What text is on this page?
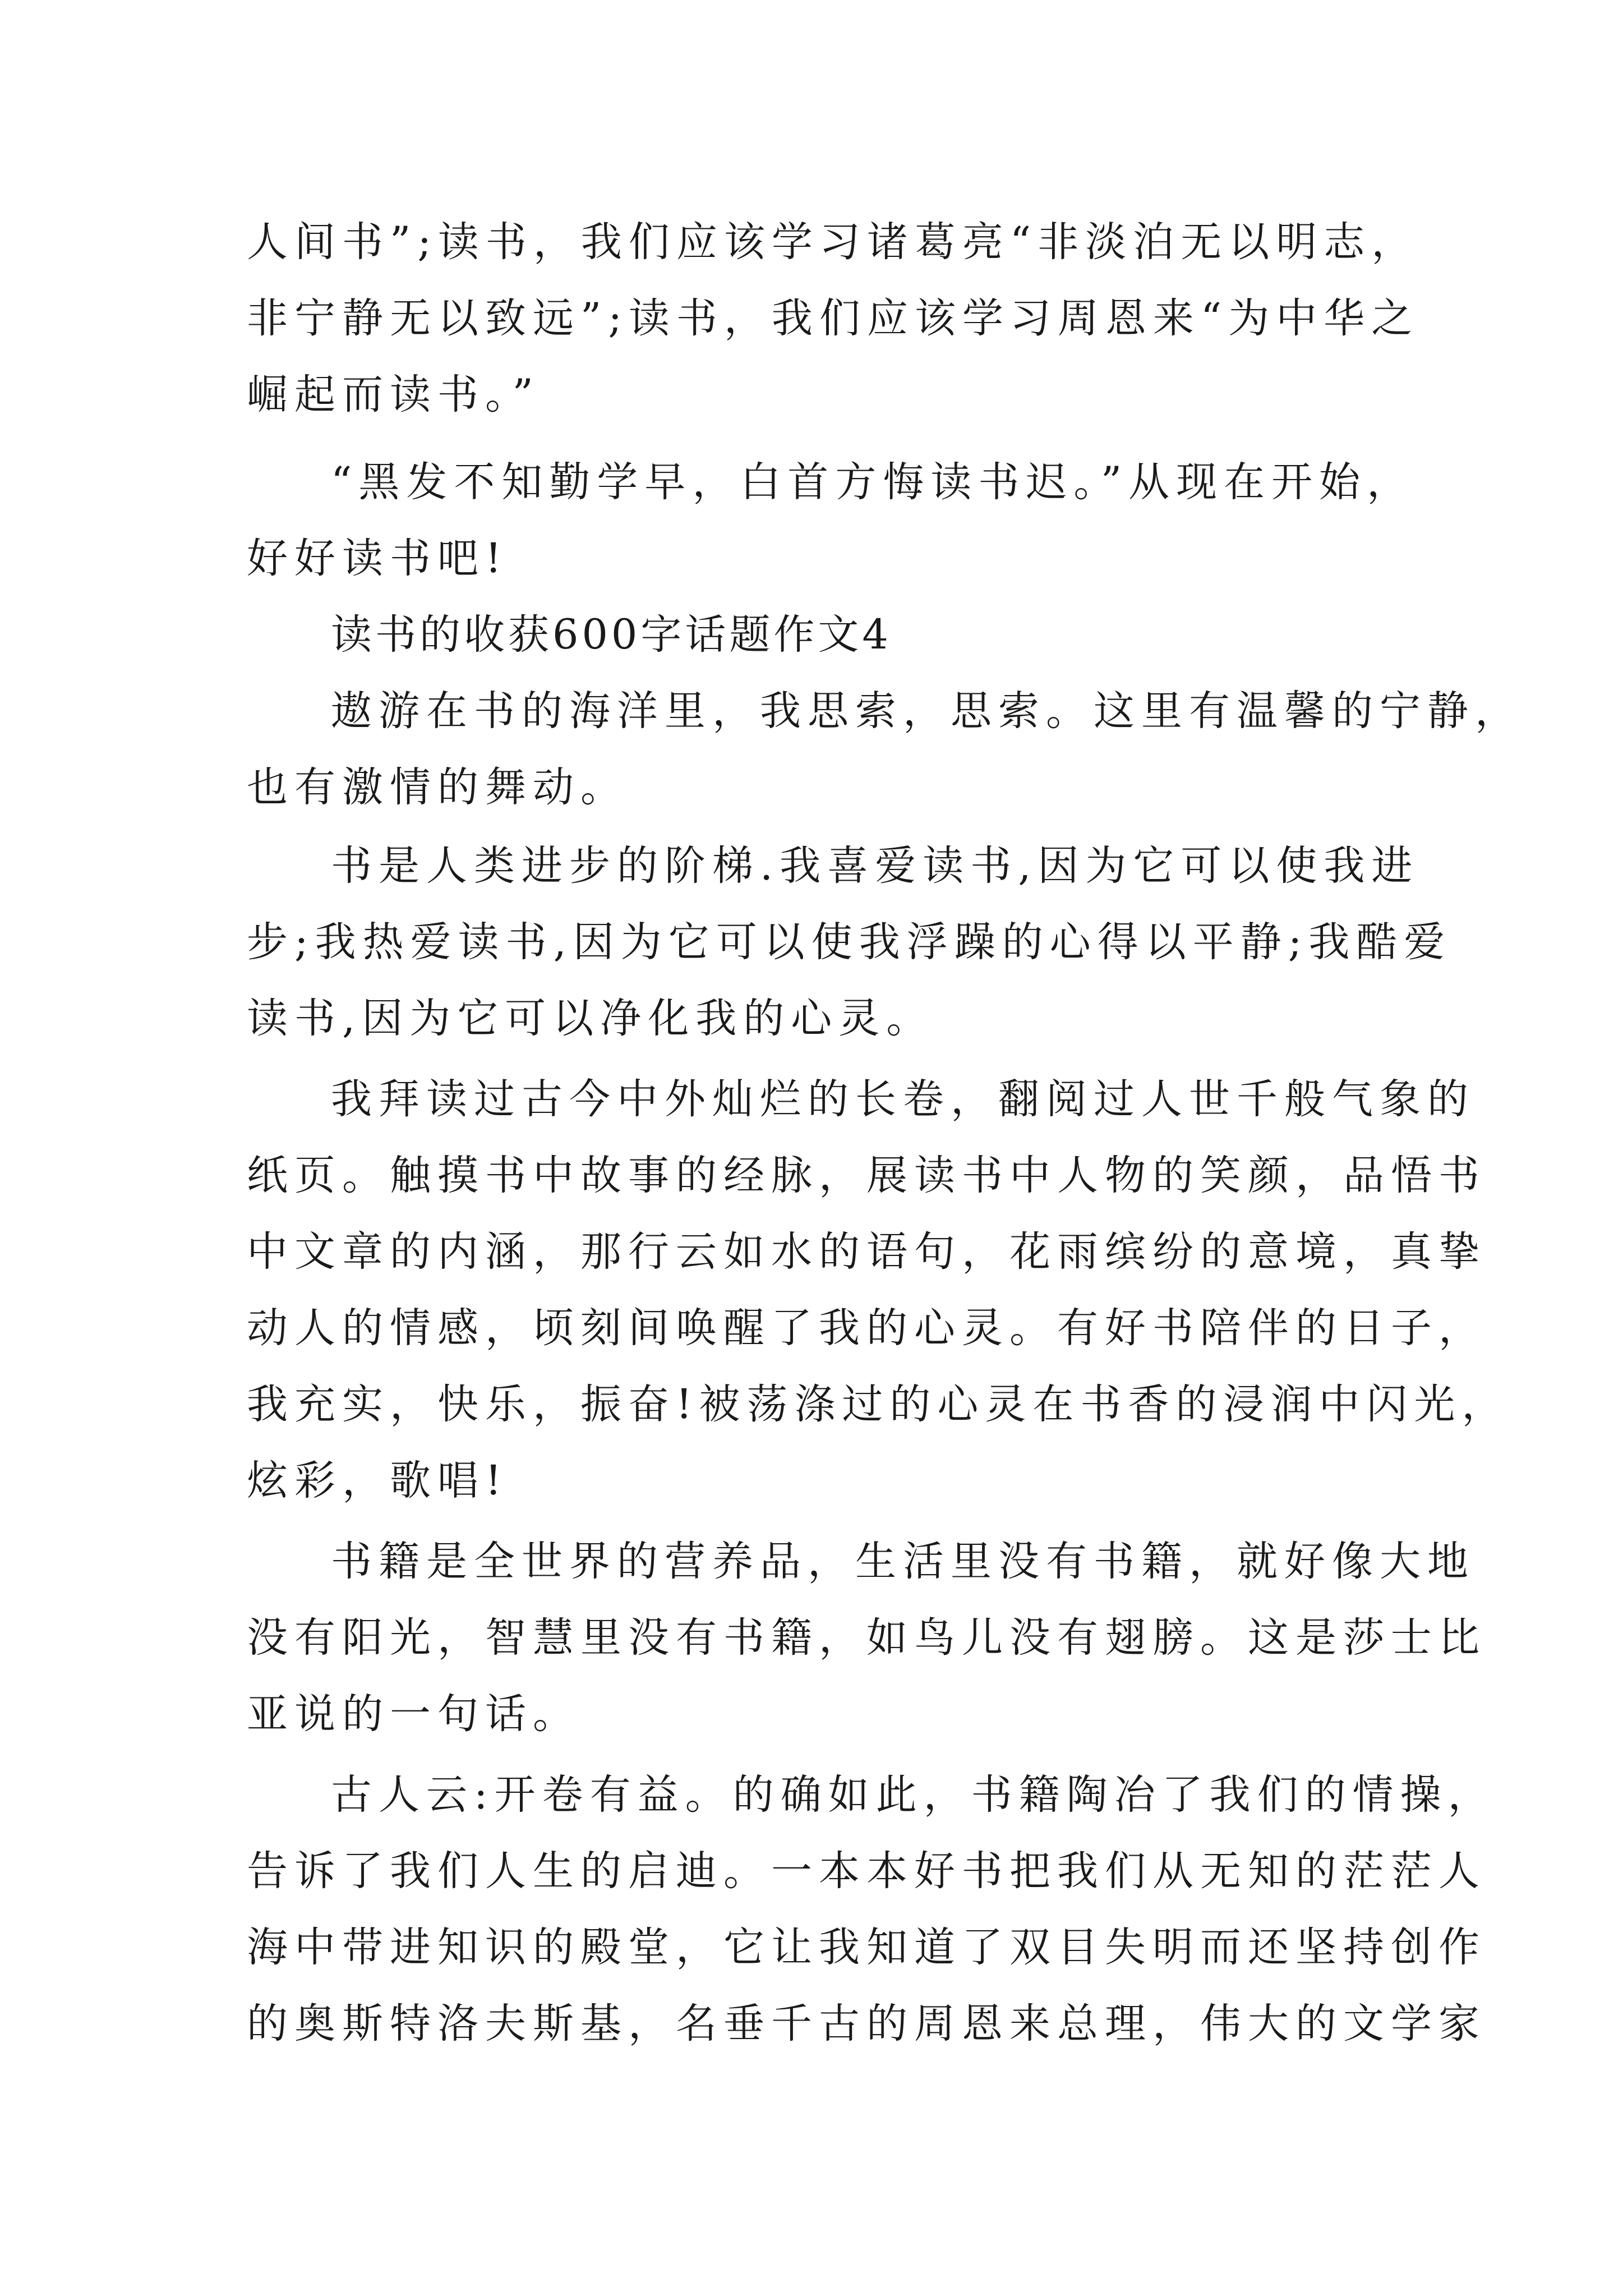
人间书”;读书，我们应该学习诸葛亮“非淡泊无以明志，

非宁静无以致远”;读书，我们应该学习周恩来“为中华之

崛起而读书。”

“黑发不知勤学早，白首方悔读书迟。”从现在开始，

好好读书吧!

读书的收获600字话题作文4

遨游在书的海洋里，我思索，思索。这里有温馨的宁静，

也有激情的舞动。

书是人类进步的阶梯.我喜爱读书,因为它可以使我进

步;我热爱读书,因为它可以使我浮躁的心得以平静;我酷爱

读书,因为它可以净化我的心灵。

我拜读过古今中外灿烂的长卷，翻阅过人世千般气象的

纸页。触摸书中故事的经脉，展读书中人物的笑颜，品悟书

中文章的内涵，那行云如水的语句，花雨缤纷的意境，真挚

动人的情感，顷刻间唤醒了我的心灵。有好书陪伴的日子，

我充实，快乐，振奋!被荡涤过的心灵在书香的浸润中闪光，

炫彩，歌唱!

书籍是全世界的营养品，生活里没有书籍，就好像大地

没有阳光，智慧里没有书籍，如鸟儿没有翅膀。这是莎士比

亚说的一句话。

古人云:开卷有益。的确如此，书籍陶冶了我们的情操，

告诉了我们人生的启迪。一本本好书把我们从无知的茫茫人

海中带进知识的殿堂，它让我知道了双目失明而还坚持创作

的奥斯特洛夫斯基，名垂千古的周恩来总理，伟大的文学家
